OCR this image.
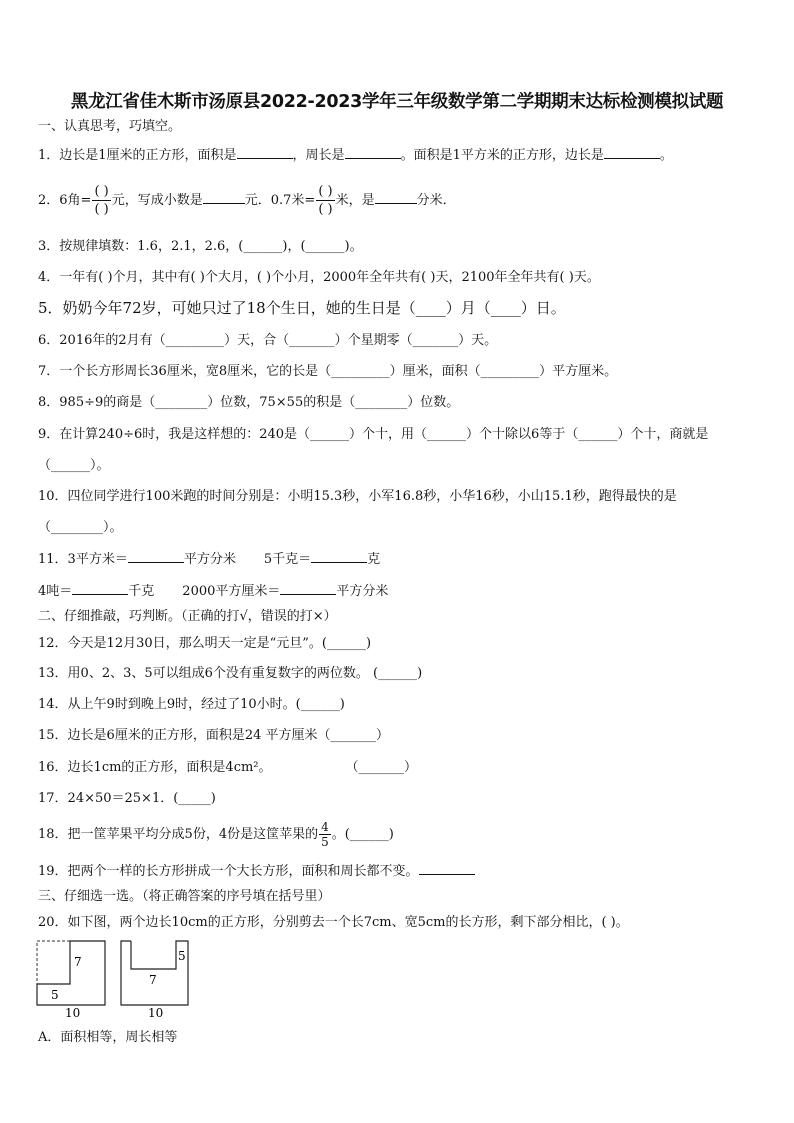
黑龙江省佳木斯市汤原县2022-2023学年三年级数学第二学期期末达标检测模拟试题
一、认真思考，巧填空。
1．边长是1厘米的正方形，面积是	，周长是	。面积是1平方米的正方形，边长是	。
2．6角= $\frac{( )}{( )}$ 元，写成小数是	元．0.7米= $\frac{( )}{( )}$ 米，是	分米．
3．按规律填数：1.6，2.1，2.6，(______)，(______)。
4．一年有( )个月，其中有( )个大月，( )个小月，2000年全年共有( )天，2100年全年共有( )天。
5．奶奶今年72岁，可她只过了18个生日，她的生日是（____）月（____）日。
6．2016年的2月有（_________）天，合（_______）个星期零（_______）天。
7．一个长方形周长36厘米，宽8厘米，它的长是（_________）厘米，面积（_________）平方厘米。
8．985÷9的商是（________）位数，75×55的积是（________）位数。
9．在计算240÷6时，我是这样想的：240是（______）个十，用（______）个十除以6等于（______）个十，商就是
（______）。
10．四位同学进行100米跑的时间分别是：小明15.3秒，小军16.8秒，小华16秒，小山15.1秒，跑得最快的是
（________）。
11．3平方米＝	平方分米 5千克＝	克
4吨＝	千克 2000平方厘米＝	平方分米
二、仔细推敲，巧判断。（正确的打√，错误的打×）
12．今天是12月30日，那么明天一定是“元旦”。(______)
13．用0、2、3、5可以组成6个没有重复数字的两位数。 (______)
14．从上午9时到晚上9时，经过了10小时。(______)
15．边长是6厘米的正方形，面积是24 平方厘米（_______）
16．边长1cm的正方形，面积是4cm²。	（_______）
17．24×50＝25×1．(_____)
18．把一筐苹果平均分成5份，4份是这筐苹果的 $\frac{4}{5}$ 。(______)
19．把两个一样的长方形拼成一个大长方形，面积和周长都不变。
三、仔细选一选。（将正确答案的序号填在括号里）
20．如下图，两个边长10cm的正方形，分别剪去一个长7cm、宽5cm的长方形，剩下部分相比，( )。
7
5
10
5
7
10
A．面积相等，周长相等
